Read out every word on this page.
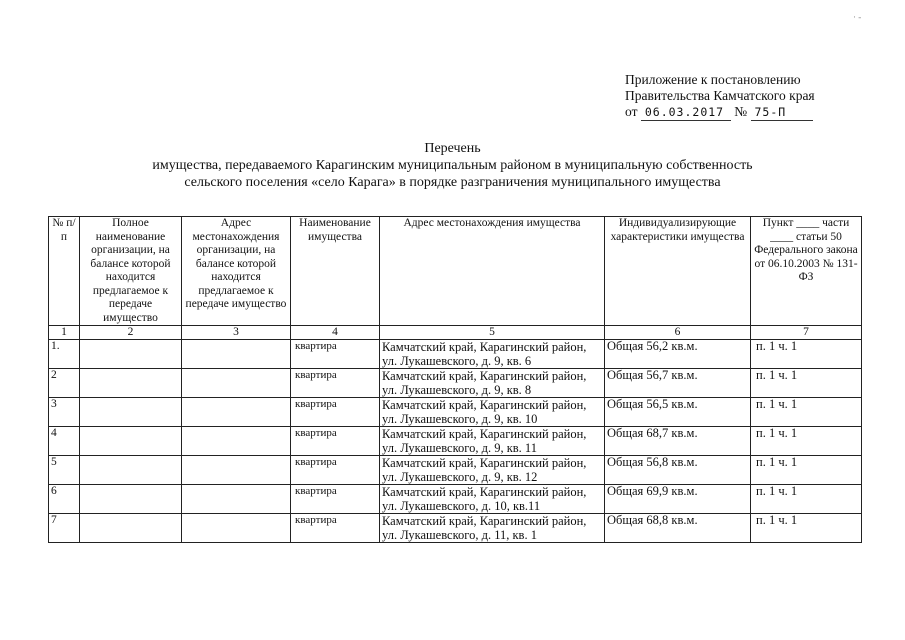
· -
Приложение к постановлению
Правительства Камчатского края
от 06.03.2017 № 75-П
Перечень
имущества, передаваемого Карагинским муниципальным районом в муниципальную собственность
сельского поселения «село Карага» в порядке разграничения муниципального имущества
№ п/п	Полное наименование организации, на балансе которой находится предлагаемое к передаче имущество	Адрес местонахождения организации, на балансе которой находится предлагаемое к передаче имущество	Наименование имущества	Адрес местонахождения имущества	Индивидуализирующие характеристики имущества	Пункт ____ части ____ статьи 50 Федерального закона от 06.10.2003 № 131-ФЗ
1	2	3	4	5	6	7
1.			квартира	Камчатский край, Карагинский район, ул. Лукашевского, д. 9, кв. 6	Общая 56,2 кв.м.	п. 1 ч. 1
2			квартира	Камчатский край, Карагинский район, ул. Лукашевского, д. 9, кв. 8	Общая 56,7 кв.м.	п. 1 ч. 1
3			квартира	Камчатский край, Карагинский район, ул. Лукашевского, д. 9, кв. 10	Общая 56,5 кв.м.	п. 1 ч. 1
4			квартира	Камчатский край, Карагинский район, ул. Лукашевского, д. 9, кв. 11	Общая 68,7 кв.м.	п. 1 ч. 1
5			квартира	Камчатский край, Карагинский район, ул. Лукашевского, д. 9, кв. 12	Общая 56,8 кв.м.	п. 1 ч. 1
6			квартира	Камчатский край, Карагинский район, ул. Лукашевского, д. 10, кв.11	Общая 69,9 кв.м.	п. 1 ч. 1
7			квартира	Камчатский край, Карагинский район, ул. Лукашевского, д. 11, кв. 1	Общая 68,8 кв.м.	п. 1 ч. 1
